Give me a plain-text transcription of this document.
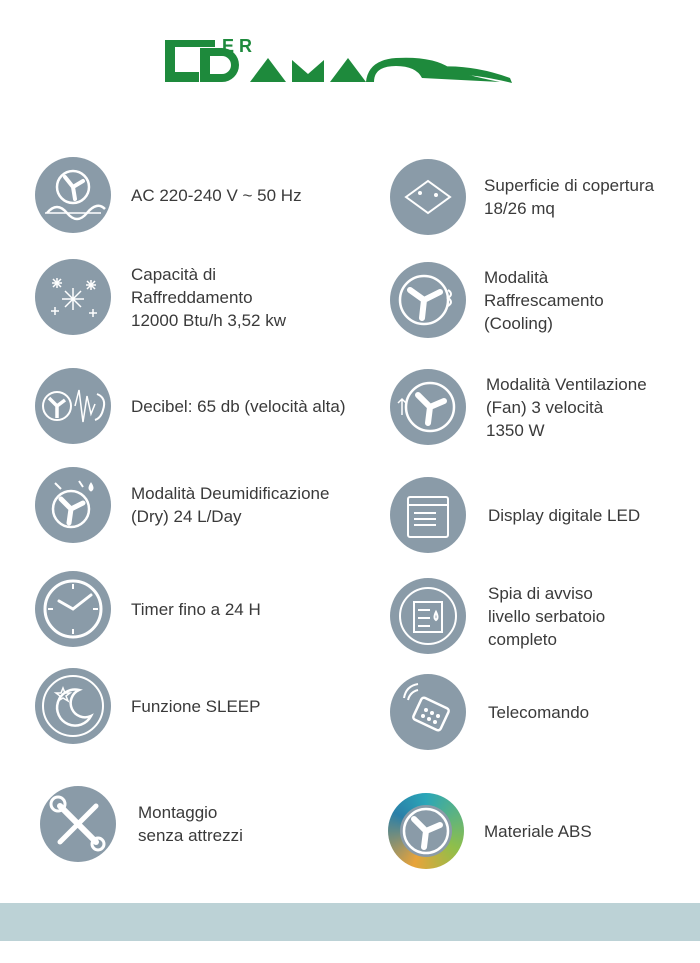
E R
AC 220-240 V ~ 50 Hz
Capacità di
Raffreddamento
12000 Btu/h 3,52 kw
Decibel: 65 db (velocità alta)
Modalità Deumidificazione
(Dry) 24 L/Day
Timer fino a 24 H
Funzione SLEEP
Montaggio
senza attrezzi
Superficie di copertura
18/26 mq
Modalità
Raffrescamento
(Cooling)
Modalità Ventilazione
(Fan) 3 velocità
1350 W
Display digitale LED
Spia di avviso
livello serbatoio
completo
Telecomando
Materiale ABS
